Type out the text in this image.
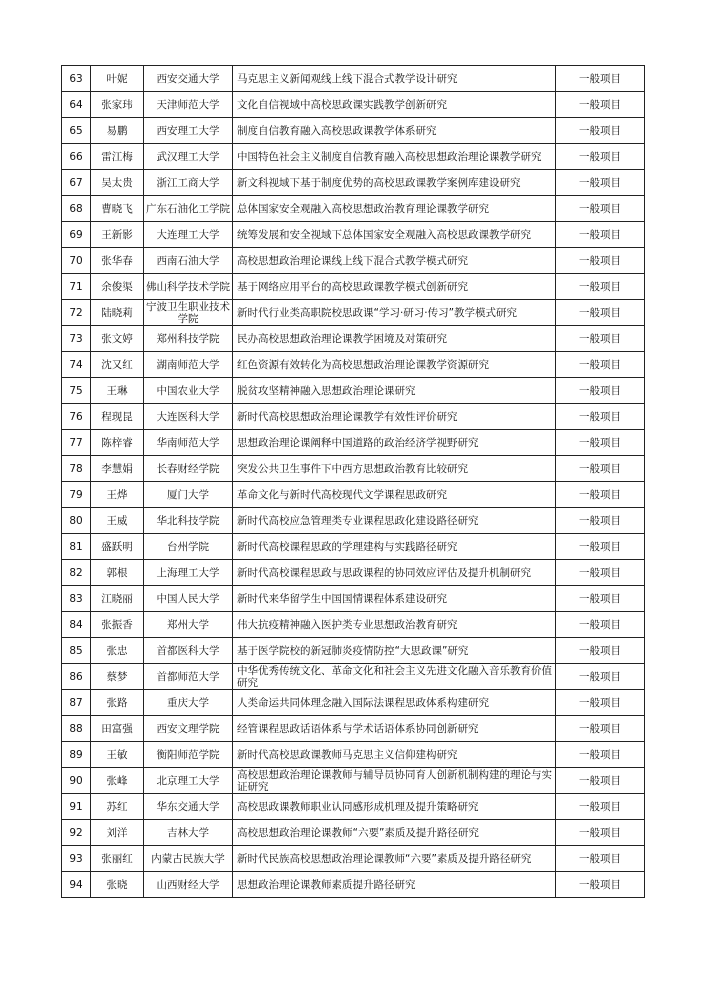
63	叶妮	西安交通大学	马克思主义新闻观线上线下混合式教学设计研究	一般项目
64	张家玮	天津师范大学	文化自信视域中高校思政课实践教学创新研究	一般项目
65	易鹏	西安理工大学	制度自信教育融入高校思政课教学体系研究	一般项目
66	雷江梅	武汉理工大学	中国特色社会主义制度自信教育融入高校思想政治理论课教学研究	一般项目
67	吴太贵	浙江工商大学	新文科视域下基于制度优势的高校思政课教学案例库建设研究	一般项目
68	曹晓飞	广东石油化工学院	总体国家安全观融入高校思想政治教育理论课教学研究	一般项目
69	王新影	大连理工大学	统筹发展和安全视域下总体国家安全观融入高校思政课教学研究	一般项目
70	张华春	西南石油大学	高校思想政治理论课线上线下混合式教学模式研究	一般项目
71	余俊渠	佛山科学技术学院	基于网络应用平台的高校思政课教学模式创新研究	一般项目
72	陆晓莉	宁波卫生职业技术学院	新时代行业类高职院校思政课“学习·研习·传习”教学模式研究	一般项目
73	张文婷	郑州科技学院	民办高校思想政治理论课教学困境及对策研究	一般项目
74	沈又红	湖南师范大学	红色资源有效转化为高校思想政治理论课教学资源研究	一般项目
75	王琳	中国农业大学	脱贫攻坚精神融入思想政治理论课研究	一般项目
76	程现昆	大连医科大学	新时代高校思想政治理论课教学有效性评价研究	一般项目
77	陈梓睿	华南师范大学	思想政治理论课阐释中国道路的政治经济学视野研究	一般项目
78	李慧娟	长春财经学院	突发公共卫生事件下中西方思想政治教育比较研究	一般项目
79	王烨	厦门大学	革命文化与新时代高校现代文学课程思政研究	一般项目
80	王威	华北科技学院	新时代高校应急管理类专业课程思政化建设路径研究	一般项目
81	盛跃明	台州学院	新时代高校课程思政的学理建构与实践路径研究	一般项目
82	郭根	上海理工大学	新时代高校课程思政与思政课程的协同效应评估及提升机制研究	一般项目
83	江晓丽	中国人民大学	新时代来华留学生中国国情课程体系建设研究	一般项目
84	张振香	郑州大学	伟大抗疫精神融入医护类专业思想政治教育研究	一般项目
85	张忠	首都医科大学	基于医学院校的新冠肺炎疫情防控“大思政课”研究	一般项目
86	蔡梦	首都师范大学	中华优秀传统文化、革命文化和社会主义先进文化融入音乐教育价值研究	一般项目
87	张路	重庆大学	人类命运共同体理念融入国际法课程思政体系构建研究	一般项目
88	田富强	西安文理学院	经管课程思政话语体系与学术话语体系协同创新研究	一般项目
89	王敏	衡阳师范学院	新时代高校思政课教师马克思主义信仰建构研究	一般项目
90	张峰	北京理工大学	高校思想政治理论课教师与辅导员协同育人创新机制构建的理论与实证研究	一般项目
91	苏红	华东交通大学	高校思政课教师职业认同感形成机理及提升策略研究	一般项目
92	刘洋	吉林大学	高校思想政治理论课教师“六要”素质及提升路径研究	一般项目
93	张丽红	内蒙古民族大学	新时代民族高校思想政治理论课教师“六要”素质及提升路径研究	一般项目
94	张晓	山西财经大学	思想政治理论课教师素质提升路径研究	一般项目
